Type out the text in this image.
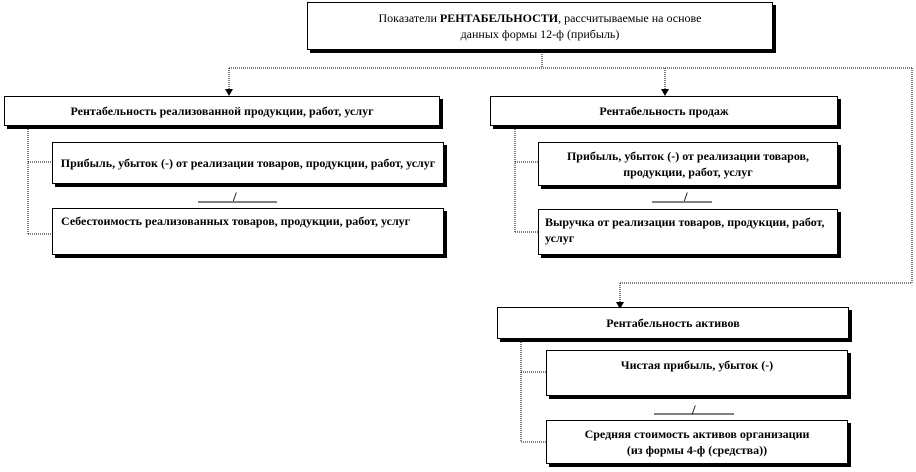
Показатели РЕНТАБЕЛЬНОСТИ, рассчитываемые на основе
данных формы 12-ф (прибыль)
Рентабельность реализованной продукции, работ, услуг
Прибыль, убыток (-) от реализации товаров, продукции, работ, услуг
/
Себестоимость реализованных товаров, продукции, работ, услуг
Рентабельность продаж
Прибыль, убыток (-) от реализации товаров, продукции, работ, услуг
/
Выручка от реализации товаров, продукции, работ, услуг
Рентабельность активов
Чистая прибыль, убыток (-)
/
Средняя стоимость активов организации
(из формы 4-ф (средства))
